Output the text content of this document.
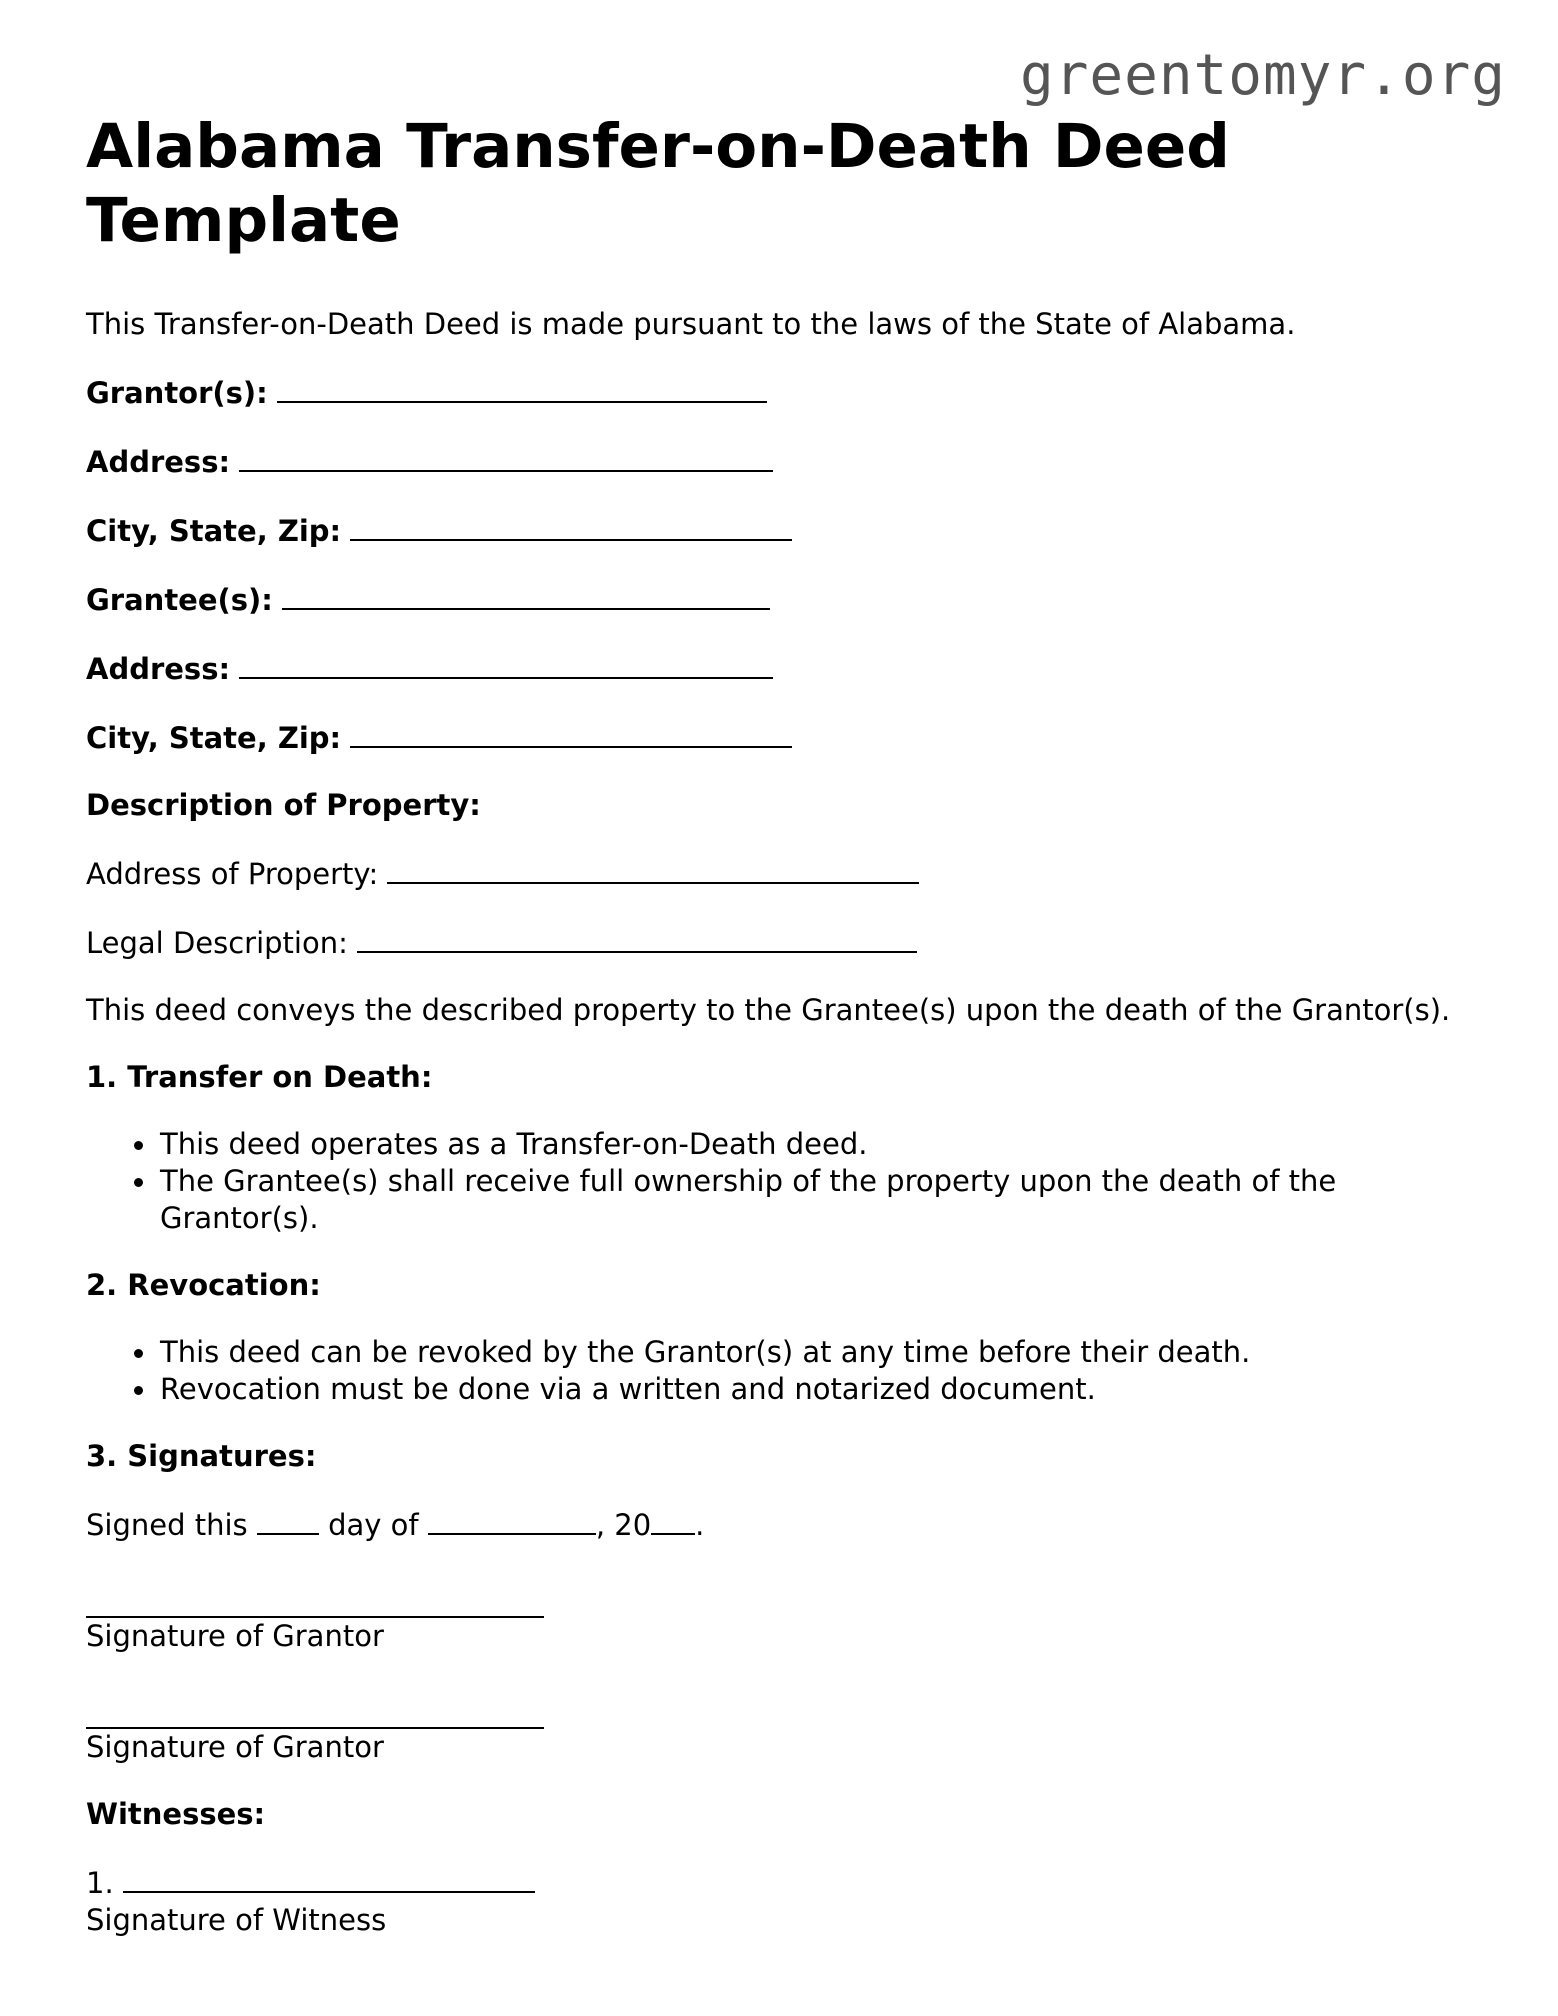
greentomyr.org
Alabama Transfer-on-Death Deed Template

This Transfer-on-Death Deed is made pursuant to the laws of the State of Alabama.

Grantor(s):

Address:

City, State, Zip:

Grantee(s):

Address:

City, State, Zip:

Description of Property:

Address of Property:

Legal Description:

This deed conveys the described property to the Grantee(s) upon the death of the Grantor(s).

1. Transfer on Death:

This deed operates as a Transfer-on-Death deed.
The Grantee(s) shall receive full ownership of the property upon the death of the Grantor(s).

2. Revocation:

This deed can be revoked by the Grantor(s) at any time before their death.
Revocation must be done via a written and notarized document.

3. Signatures:

Signed this	day of	, 20 .

Signature of Grantor

Signature of Grantor

Witnesses:

1.

Signature of Witness
